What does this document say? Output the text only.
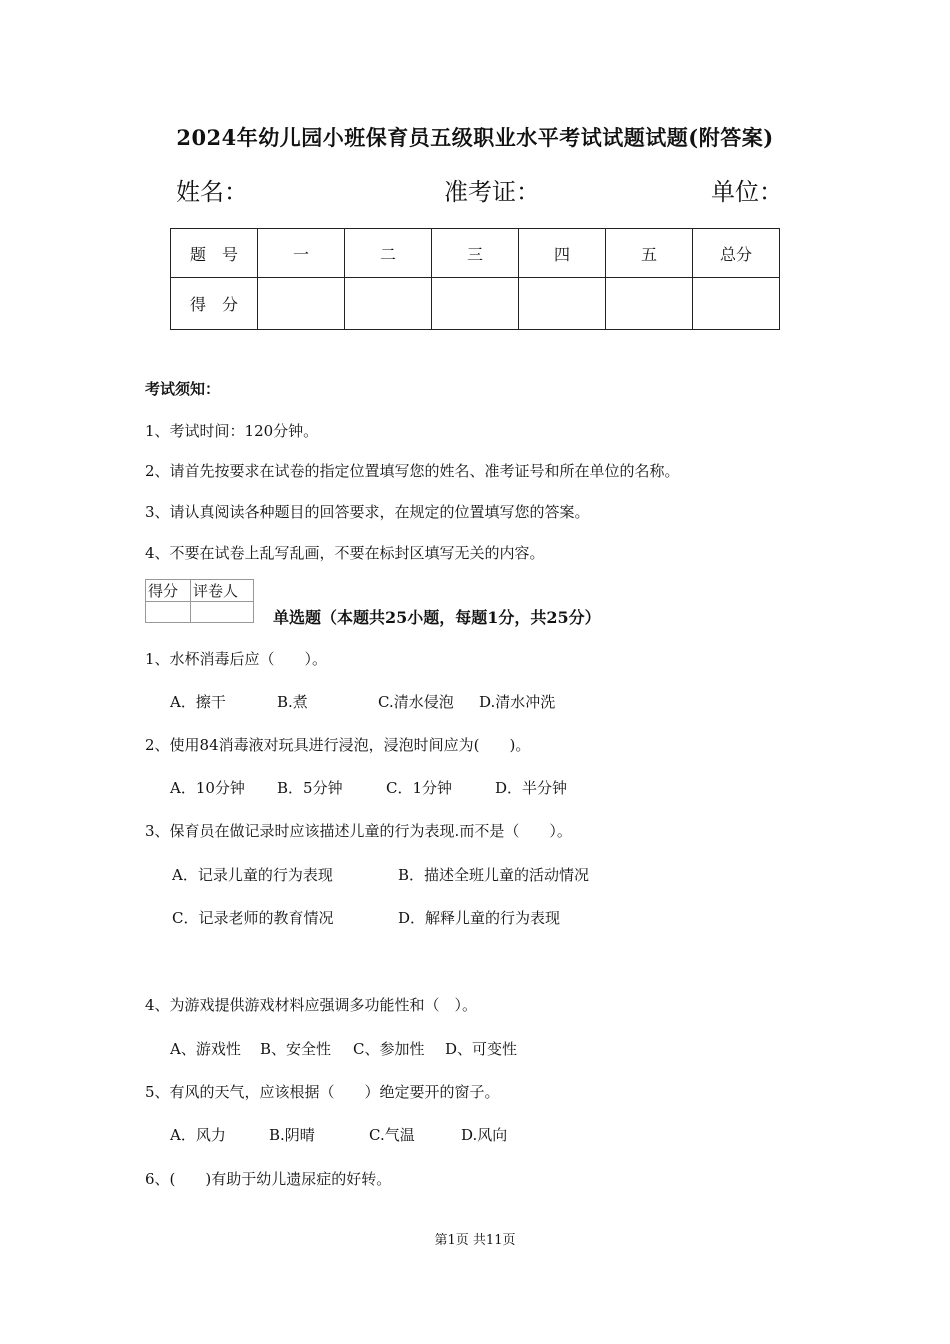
2024年幼儿园小班保育员五级职业水平考试试题试题(附答案)
姓名：	准考证：	单位：
题　号	一	二	三	四	五	总分
得　分						
考试须知：
1、考试时间：120分钟。
2、请首先按要求在试卷的指定位置填写您的姓名、准考证号和所在单位的名称。
3、请认真阅读各种题目的回答要求，在规定的位置填写您的答案。
4、不要在试卷上乱写乱画，不要在标封区填写无关的内容。
得分	评卷人

单选题（本题共25小题，每题1分，共25分）
1、水杯消毒后应（　　）。
A．擦干	B.煮	C.清水侵泡 D.清水冲洗
2、使用84消毒液对玩具进行浸泡，浸泡时间应为(　　)。
A．10分钟 B．5分钟	C．1分钟	D．半分钟
3、保育员在做记录时应该描述儿童的行为表现.而不是（　　）。
A．记录儿童的行为表现	B．描述全班儿童的活动情况
C．记录老师的教育情况	D．解释儿童的行为表现
4、为游戏提供游戏材料应强调多功能性和（　）。
A、游戏性 B、安全性 C、参加性 D、可变性
5、有风的天气，应该根据（　　）绝定要开的窗子。
A．风力	B.阴晴	C.气温	D.风向
6、(　　)有助于幼儿遗尿症的好转。
第1页 共11页
